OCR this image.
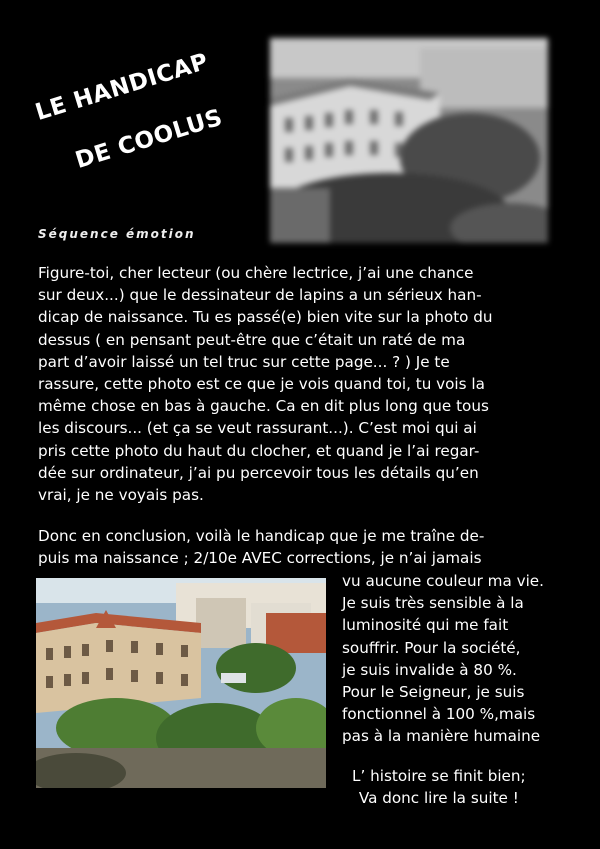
LE HANDICAP
DE COOLUS
Séquence émotion
Figure-toi, cher lecteur (ou chère lectrice, j’ai une chance
sur deux...) que le dessinateur de lapins a un sérieux han-
dicap de naissance. Tu es passé(e) bien vite sur la photo du
dessus ( en pensant peut-être que c’était un raté de ma
part d’avoir laissé un tel truc sur cette page... ? ) Je te
rassure, cette photo est ce que je vois quand toi, tu vois la
même chose en bas à gauche. Ca en dit plus long que tous
les discours... (et ça se veut rassurant...). C’est moi qui ai
pris cette photo du haut du clocher, et quand je l’ai regar-
dée sur ordinateur, j’ai pu percevoir tous les détails qu’en
vrai, je ne voyais pas.
Donc en conclusion, voilà le handicap que je me traîne de-
puis ma naissance ; 2/10e AVEC corrections, je n’ai jamais
vu aucune couleur ma vie.
Je suis très sensible à la
luminosité qui me fait
souffrir. Pour la société,
je suis invalide à 80 %.
Pour le Seigneur, je suis
fonctionnel à 100 %,mais
pas à la manière humaine
L’ histoire se finit bien;
Va donc lire la suite !
